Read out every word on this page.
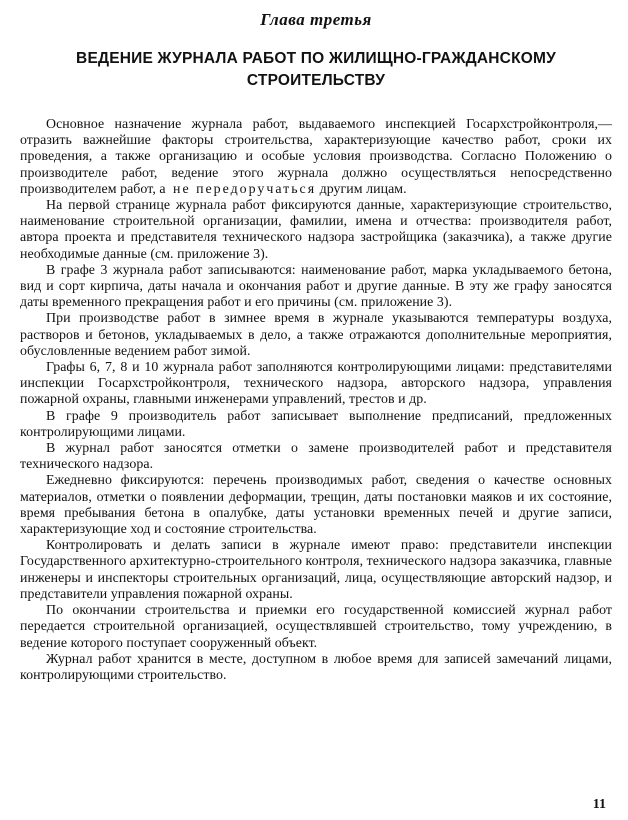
Глава третья
ВЕДЕНИЕ ЖУРНАЛА РАБОТ ПО ЖИЛИЩНО-ГРАЖДАНСКОМУ
СТРОИТЕЛЬСТВУ

Основное назначение журнала работ, выдаваемого инспекцией Госархстройконтроля,— отразить важнейшие факторы строительства, характеризующие качество работ, сроки их проведения, а также организацию и особые условия производства. Согласно Положению о производителе работ, ведение этого журнала должно осуществляться непосредственно производителем работ, а не передоручаться другим лицам.

На первой странице журнала работ фиксируются данные, характеризующие строительство, наименование строительной организации, фамилии, имена и отчества: производителя работ, автора проекта и представителя технического надзора застройщика (заказчика), а также другие необходимые данные (см. приложение 3).

В графе 3 журнала работ записываются: наименование работ, марка укладываемого бетона, вид и сорт кирпича, даты начала и окончания работ и другие данные. В эту же графу заносятся даты временного прекращения работ и его причины (см. приложение 3).

При производстве работ в зимнее время в журнале указываются температуры воздуха, растворов и бетонов, укладываемых в дело, а также отражаются дополнительные мероприятия, обусловленные ведением работ зимой.

Графы 6, 7, 8 и 10 журнала работ заполняются контролирующими лицами: представителями инспекции Госархстройконтроля, технического надзора, авторского надзора, управления пожарной охраны, главными инженерами управлений, трестов и др.

В графе 9 производитель работ записывает выполнение предписаний, предложенных контролирующими лицами.

В журнал работ заносятся отметки о замене производителей работ и представителя технического надзора.

Ежедневно фиксируются: перечень производимых работ, сведения о качестве основных материалов, отметки о появлении деформации, трещин, даты постановки маяков и их состояние, время пребывания бетона в опалубке, даты установки временных печей и другие записи, характеризующие ход и состояние строительства.

Контролировать и делать записи в журнале имеют право: представители инспекции Государственного архитектурно-строительного контроля, технического надзора заказчика, главные инженеры и инспекторы строительных организаций, лица, осуществляющие авторский надзор, и представители управления пожарной охраны.

По окончании строительства и приемки его государственной комиссией журнал работ передается строительной организацией, осуществлявшей строительство, тому учреждению, в ведение которого поступает сооруженный объект.

Журнал работ хранится в месте, доступном в любое время для записей замечаний лицами, контролирующими строительство.

11
